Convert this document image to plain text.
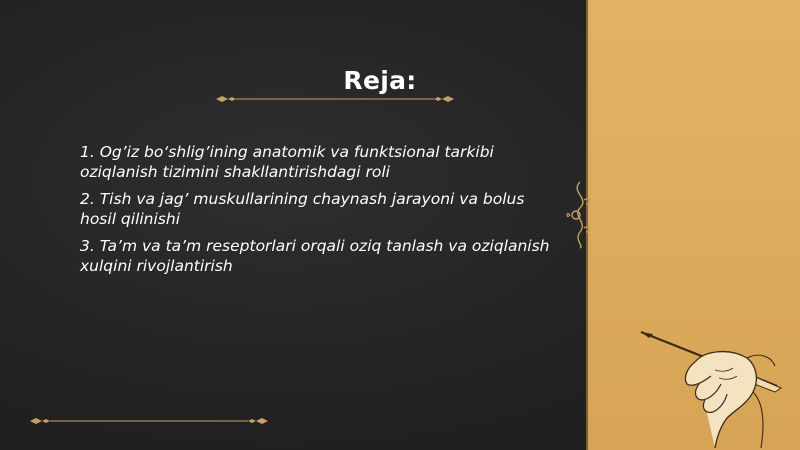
Reja:

1. Og’iz bo‘shlig’ining anatomik va funktsional tarkibi oziqlanish tizimini shakllantirishdagi roli

2. Tish va jag’ muskullarining chaynash jarayoni va bolus hosil qilinishi

3. Ta’m va ta’m reseptorlari orqali oziq tanlash va oziqlanish xulqini rivojlantirish
